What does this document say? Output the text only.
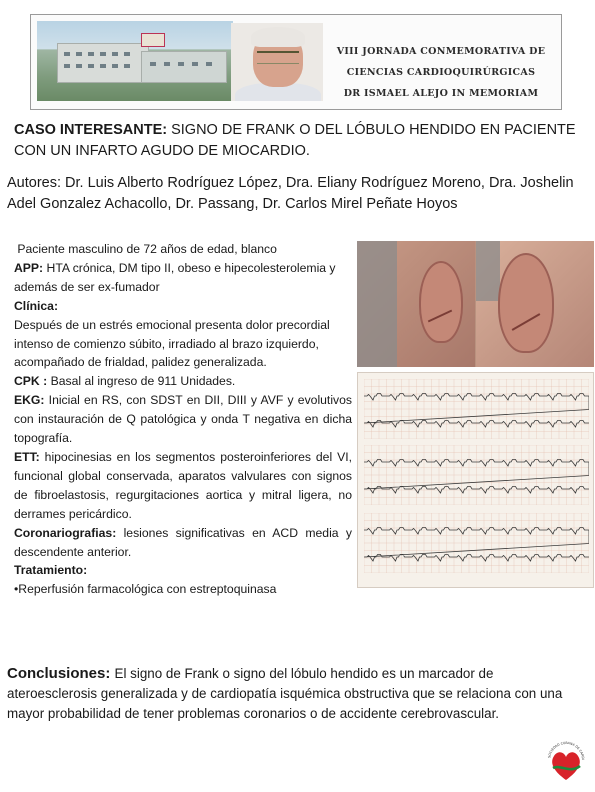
VIII JORNADA CONMEMORATIVA DE
CIENCIAS CARDIOQUIRÚRGICAS
DR ISMAEL ALEJO IN MEMORIAM
CASO INTERESANTE: SIGNO DE FRANK O DEL LÓBULO HENDIDO EN PACIENTE CON UN INFARTO AGUDO DE MIOCARDIO.
Autores: Dr. Luis Alberto Rodríguez López, Dra. Eliany Rodríguez Moreno, Dra. Joshelin Adel Gonzalez Achacollo, Dr. Passang, Dr. Carlos Mirel Peñate Hoyos

Paciente masculino de 72 años de edad, blanco

APP: HTA crónica, DM tipo II, obeso e hipecolesterolemia y además de ser ex-fumador

Clínica:

Después de un estrés emocional presenta dolor precordial intenso de comienzo súbito, irradiado al brazo izquierdo, acompañado de frialdad, palidez generalizada.

CPK : Basal al ingreso de 911 Unidades.

EKG: Inicial en RS, con SDST en DII, DIII y AVF y evolutivos con instauración de Q patológica y onda T negativa en dicha topografía.

ETT: hipocinesias en los segmentos posteroinferiores del VI, funcional global conservada, aparatos valvulares con signos de fibroelastosis, regurgitaciones aortica y mitral ligera, no derrames pericárdico.

Coronariografias: lesiones significativas en ACD media y descendente anterior.

Tratamiento:

•Reperfusión farmacológica con estreptoquinasa

Conclusiones: El signo de Frank o signo del lóbulo hendido es un marcador de ateroesclerosis generalizada y de cardiopatía isquémica obstructiva que se relaciona con una mayor probabilidad de tener problemas coronarios o de accidente cerebrovascular.
SOCIEDAD CUBANA DE CARDI
